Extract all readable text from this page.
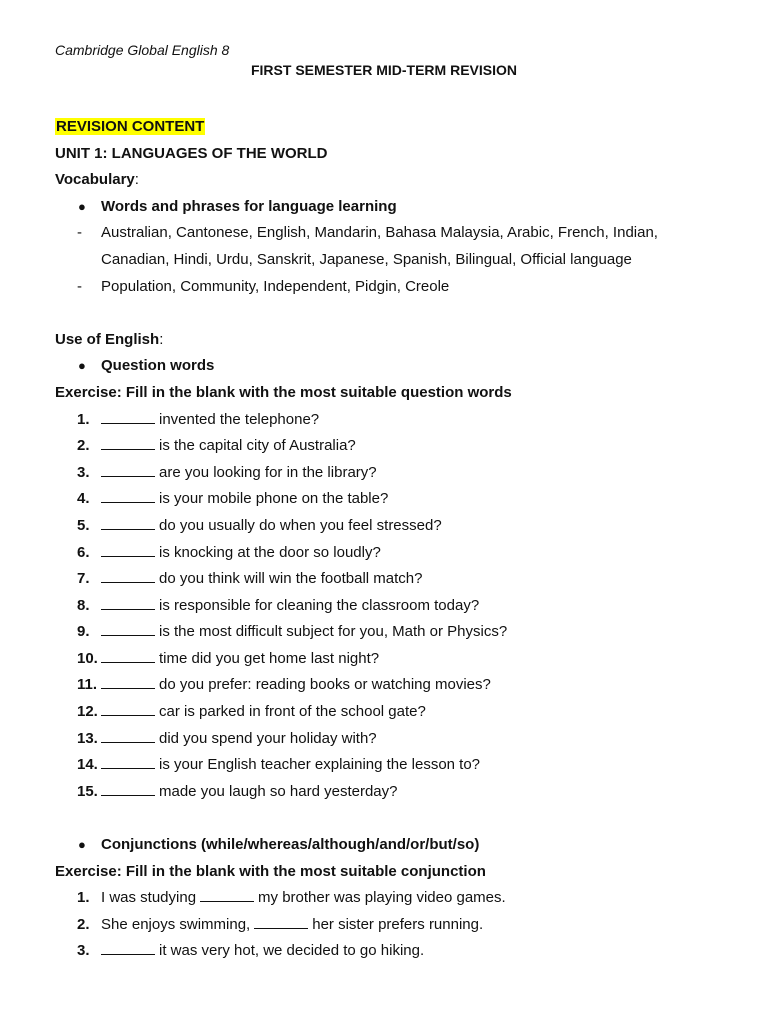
Cambridge Global English 8
FIRST SEMESTER MID-TERM REVISION
REVISION CONTENT
UNIT 1: LANGUAGES OF THE WORLD
Vocabulary:
● Words and phrases for language learning
- Australian, Cantonese, English, Mandarin, Bahasa Malaysia, Arabic, French, Indian,
Canadian, Hindi, Urdu, Sanskrit, Japanese, Spanish, Bilingual, Official language
- Population, Community, Independent, Pidgin, Creole
Use of English:
● Question words
Exercise: Fill in the blank with the most suitable question words
1.	invented the telephone?
2.	is the capital city of Australia?
3.	are you looking for in the library?
4.	is your mobile phone on the table?
5.	do you usually do when you feel stressed?
6.	is knocking at the door so loudly?
7.	do you think will win the football match?
8.	is responsible for cleaning the classroom today?
9.	is the most difficult subject for you, Math or Physics?
10.	time did you get home last night?
11.	do you prefer: reading books or watching movies?
12.	car is parked in front of the school gate?
13.	did you spend your holiday with?
14.	is your English teacher explaining the lesson to?
15.	made you laugh so hard yesterday?
● Conjunctions (while/whereas/although/and/or/but/so)
Exercise: Fill in the blank with the most suitable conjunction
1. I was studying	my brother was playing video games.
2. She enjoys swimming,	her sister prefers running.
3.	it was very hot, we decided to go hiking.
